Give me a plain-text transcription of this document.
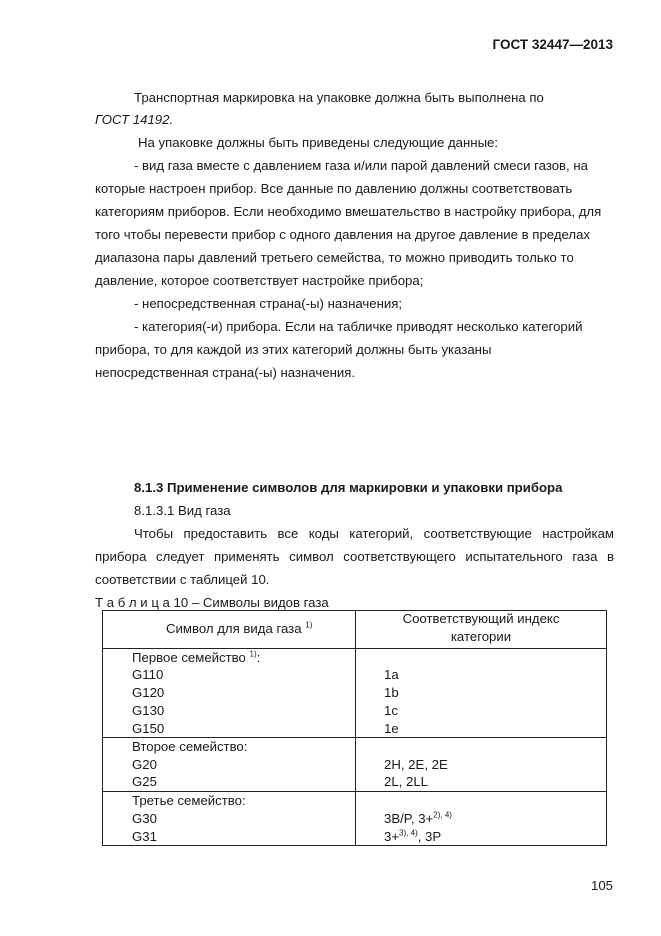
ГОСТ 32447—2013
Транспортная маркировка на упаковке должна быть выполнена по
ГОСТ 14192.
На упаковке должны быть приведены следующие данные:
- вид газа вместе с давлением газа и/или парой давлений смеси газов, на
которые настроен прибор. Все данные по давлению должны соответствовать
категориям приборов. Если необходимо вмешательство в настройку прибора, для
того чтобы перевести прибор с одного давления на другое давление в пределах
диапазона пары давлений третьего семейства, то можно приводить только то
давление, которое соответствует настройке прибора;
- непосредственная страна(-ы) назначения;
- категория(-и) прибора. Если на табличке приводят несколько категорий
прибора, то для каждой из этих категорий должны быть указаны
непосредственная страна(-ы) назначения.
8.1.3 Применение символов для маркировки и упаковки прибора
8.1.3.1 Вид газа
Чтобы предоставить все коды категорий, соответствующие настройкам
прибора следует применять символ соответствующего испытательного газа в
соответствии с таблицей 10.
Т а б л и ц а 10 – Символы видов газа
Символ для вида газа $^{1)}$	Соответствующий индекс
категории
Первое семейство $^{1)}$:
G110	1a
G120	1b
G130	1c
G150	1e
Второе семейство:
G20	2H, 2E, 2E
G25	2L, 2LL
Третье семейство:
G30	3B/P, 3+$^{2), 4)}$
G31	3+$^{3), 4)}$, 3P
105
